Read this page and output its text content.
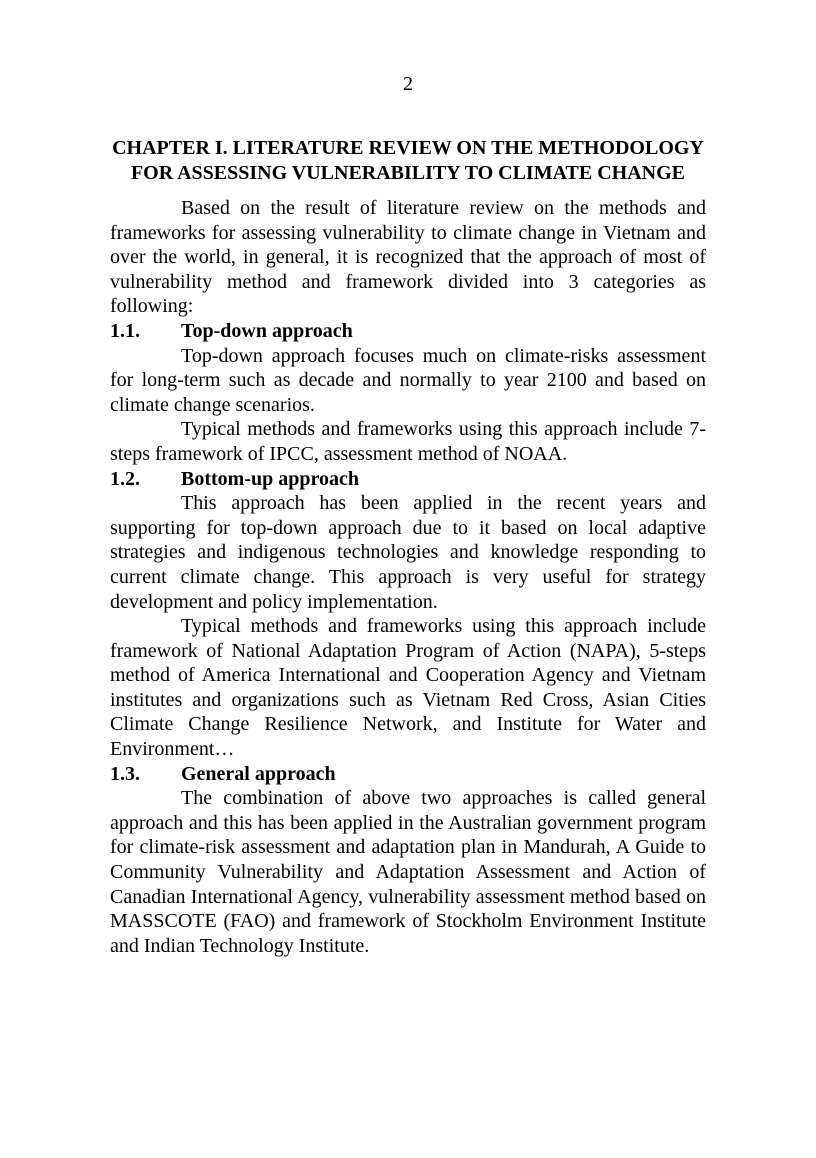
2
CHAPTER I. LITERATURE REVIEW ON THE METHODOLOGY FOR ASSESSING VULNERABILITY TO CLIMATE CHANGE

Based on the result of literature review on the methods and frameworks for assessing vulnerability to climate change in Vietnam and over the world, in general, it is recognized that the approach of most of vulnerability method and framework divided into 3 categories as following:

1.1.	Top-down approach

Top-down approach focuses much on climate-risks assessment for long-term such as decade and normally to year 2100 and based on climate change scenarios.

Typical methods and frameworks using this approach include 7-steps framework of IPCC, assessment method of NOAA.

1.2.	Bottom-up approach

This approach has been applied in the recent years and supporting for top-down approach due to it based on local adaptive strategies and indigenous technologies and knowledge responding to current climate change. This approach is very useful for strategy development and policy implementation.

Typical methods and frameworks using this approach include framework of National Adaptation Program of Action (NAPA), 5-steps method of America International and Cooperation Agency and Vietnam institutes and organizations such as Vietnam Red Cross, Asian Cities Climate Change Resilience Network, and Institute for Water and Environment…

1.3.	General approach

The combination of above two approaches is called general approach and this has been applied in the Australian government program for climate-risk assessment and adaptation plan in Mandurah, A Guide to Community Vulnerability and Adaptation Assessment and Action of Canadian International Agency, vulnerability assessment method based on MASSCOTE (FAO) and framework of Stockholm Environment Institute and Indian Technology Institute.
